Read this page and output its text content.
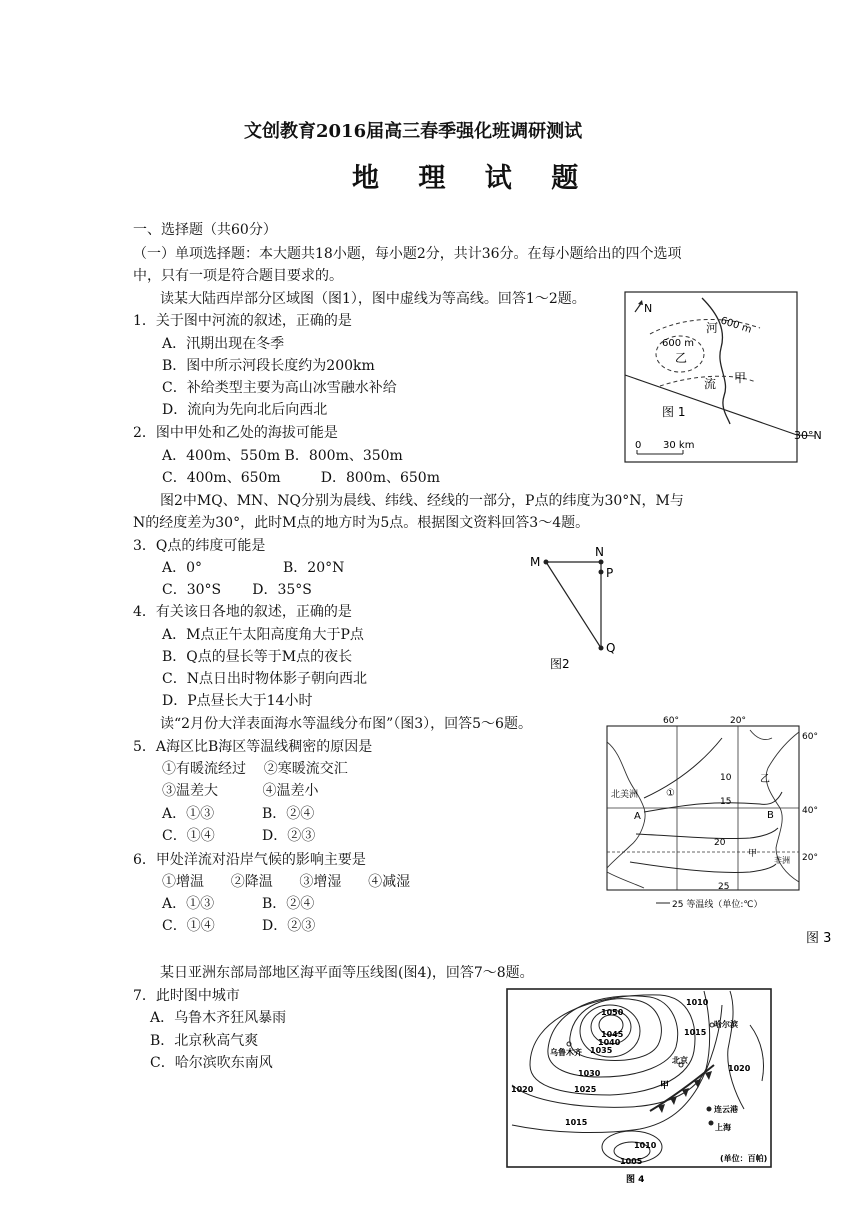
文创教育2016届高三春季强化班调研测试
地 理 试 题
一、选择题（共60分）
（一）单项选择题：本大题共18小题，每小题2分，共计36分。在每小题给出的四个选项
中，只有一项是符合题目要求的。
读某大陆西岸部分区域图（图1），图中虚线为等高线。回答1～2题。
1．关于图中河流的叙述，正确的是
A．汛期出现在冬季
B．图中所示河段长度约为200km
C．补给类型主要为高山冰雪融水补给
D．流向为先向北后向西北
2．图中甲处和乙处的海拔可能是
A．400m、550m B．800m、350m
C．400m、650m         D．800m、650m
N
30°N
河
流
600 m
600 m
乙
甲
图 1
0 30 km
图2中MQ、MN、NQ分别为晨线、纬线、经线的一部分，P点的纬度为30°N，M与
N的经度差为30°，此时M点的地方时为5点。根据图文资料回答3～4题。
3．Q点的纬度可能是
A．0°	B．20°N
C．30°S       D．35°S
4．有关该日各地的叙述，正确的是
A．M点正午太阳高度角大于P点
B．Q点的昼长等于M点的夜长
C．N点日出时物体影子朝向西北
D．P点昼长大于14小时
M
N
P
Q
图2
读“2月份大洋表面海水等温线分布图”（图3），回答5～6题。
5．A海区比B海区等温线稠密的原因是
①有暖流经过    ②寒暖流交汇
③温差大          ④温差小
A．①③	B．②④
C．①④	D．②③
6．甲处洋流对沿岸气候的影响主要是
①增温      ②降温      ③增湿      ④减湿
A．①③	B．②④
C．①④	D．②③
60°	20°
60°
40°
20°
10
15
20
25
北美洲	①
A	B
乙
甲
非洲
25 等温线（单位:℃）
图 3
某日亚洲东部局部地区海平面等压线图(图4)，回答7～8题。
7．此时图中城市
A．乌鲁木齐狂风暴雨
B．北京秋高气爽
C．哈尔滨吹东南风
1050
1045
1040
1035
1030
1025
1020
1015
1015
1010
1020
1010
1005
乌鲁木齐
北京
哈尔滨
连云港
上海
甲
(单位：百帕)
图 4
